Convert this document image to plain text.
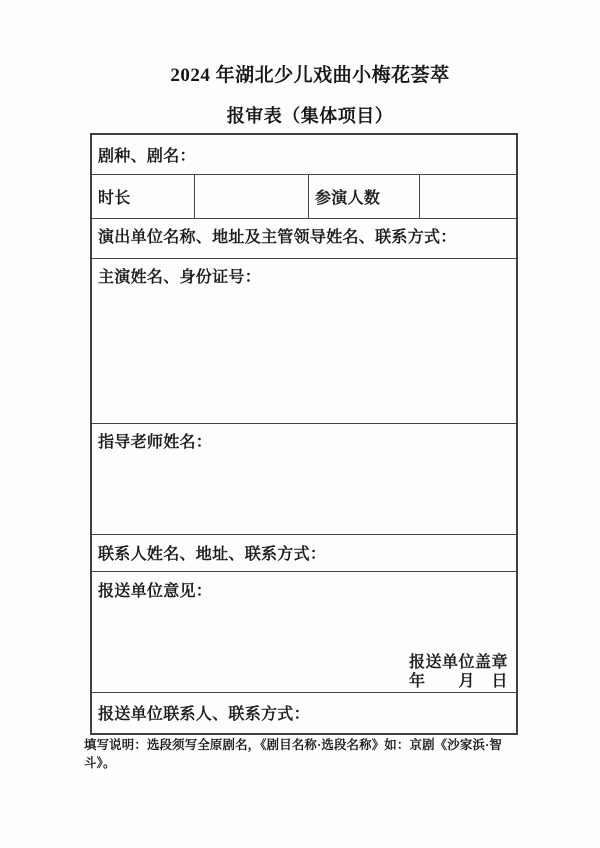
2024 年湖北少儿戏曲小梅花荟萃
报审表（集体项目）
剧种、剧名：
时长	参演人数
演出单位名称、地址及主管领导姓名、联系方式：
主演姓名、身份证号：
指导老师姓名：
联系人姓名、地址、联系方式：
报送单位意见：
报送单位盖章
年　　月　日
报送单位联系人、联系方式：
填写说明：选段须写全原剧名，《剧目名称·选段名称》如：京剧《沙家浜·智
斗》。
